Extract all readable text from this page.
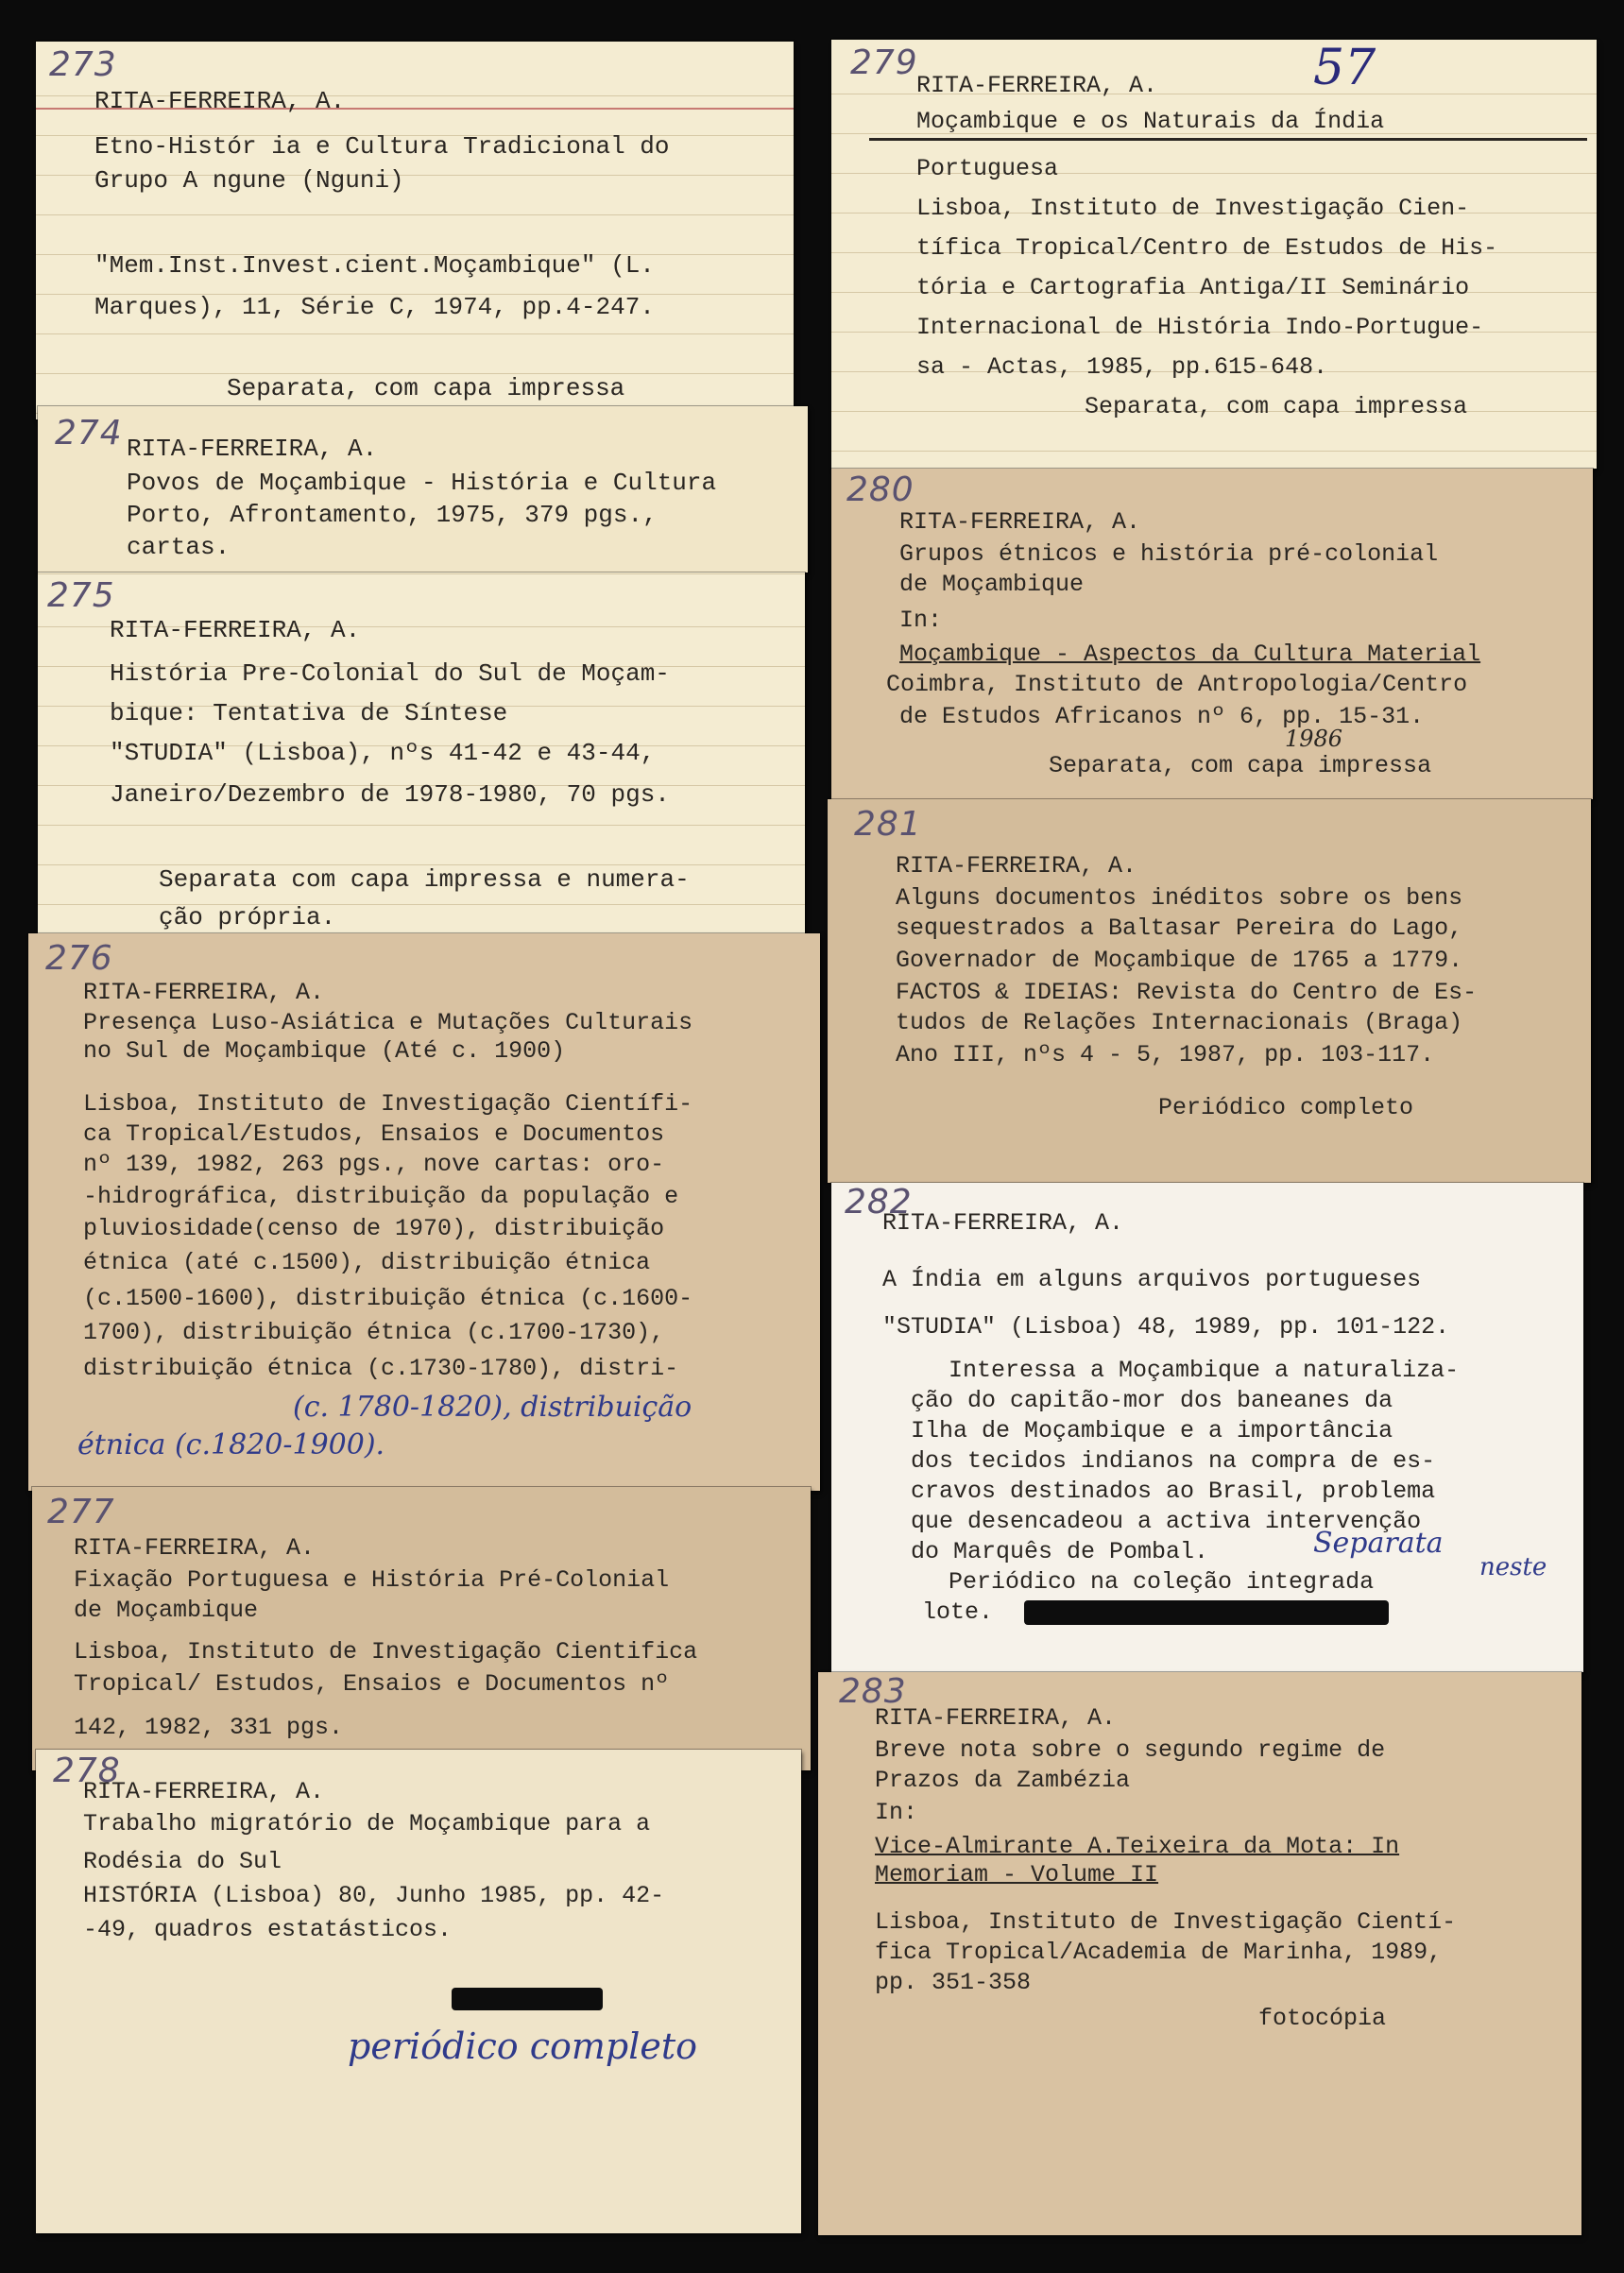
273
RITA-FERREIRA, A.
Etno-Histór ia e Cultura Tradicional do
Grupo A ngune (Nguni)
"Mem.Inst.Invest.cient.Moçambique" (L.
Marques), 11, Série C, 1974, pp.4-247.
Separata, com capa impressa
274 RITA-FERREIRA, A.
Povos de Moçambique - História e Cultura
Porto, Afrontamento, 1975, 379 pgs.,
cartas.
275
RITA-FERREIRA, A.
História Pre-Colonial do Sul de Moçam-
bique: Tentativa de Síntese
"STUDIA" (Lisboa), nºs 41-42 e 43-44,
Janeiro/Dezembro de 1978-1980, 70 pgs.
Separata com capa impressa e numera-
ção própria.
276
RITA-FERREIRA, A.
Presença Luso-Asiática e Mutações Culturais
no Sul de Moçambique (Até c. 1900)
Lisboa, Instituto de Investigação Científi-
ca Tropical/Estudos, Ensaios e Documentos
nº 139, 1982, 263 pgs., nove cartas: oro-
-hidrográfica, distribuição da população e
pluviosidade(censo de 1970), distribuição
étnica (até c.1500), distribuição étnica
(c.1500-1600), distribuição étnica (c.1600-
1700), distribuição étnica (c.1700-1730),
distribuição étnica (c.1730-1780), distri-
(c. 1780-1820), distribuição
étnica (c.1820-1900).
277
RITA-FERREIRA, A.
Fixação Portuguesa e História Pré-Colonial
de Moçambique
Lisboa, Instituto de Investigação Cientifica
Tropical/ Estudos, Ensaios e Documentos nº
142, 1982, 331 pgs.
278
RITA-FERREIRA, A.
Trabalho migratório de Moçambique para a
Rodésia do Sul
HISTÓRIA (Lisboa) 80, Junho 1985, pp. 42-
-49, quadros estatásticos.
periódico completo
279	57
RITA-FERREIRA, A.
Moçambique e os Naturais da Índia
Portuguesa
Lisboa, Instituto de Investigação Cien-
tífica Tropical/Centro de Estudos de His-
tória e Cartografia Antiga/II Seminário
Internacional de História Indo-Portugue-
sa - Actas, 1985, pp.615-648.
Separata, com capa impressa
280
RITA-FERREIRA, A.
Grupos étnicos e história pré-colonial
de Moçambique
In:
Moçambique - Aspectos da Cultura Material
Coimbra, Instituto de Antropologia/Centro
de Estudos Africanos nº 6, pp. 15-31.
1986
Separata, com capa impressa
281
RITA-FERREIRA, A.
Alguns documentos inéditos sobre os bens
sequestrados a Baltasar Pereira do Lago,
Governador de Moçambique de 1765 a 1779.
FACTOS & IDEIAS: Revista do Centro de Es-
tudos de Relações Internacionais (Braga)
Ano III, nºs 4 - 5, 1987, pp. 103-117.
Periódico completo
282
RITA-FERREIRA, A.
A Índia em alguns arquivos portugueses
"STUDIA" (Lisboa) 48, 1989, pp. 101-122.
Interessa a Moçambique a naturaliza-
ção do capitão-mor dos baneanes da
Ilha de Moçambique e a importância
dos tecidos indianos na compra de es-
cravos destinados ao Brasil, problema
que desencadeou a activa intervenção
do Marquês de Pombal.	Separata
Periódico na coleção integrada
neste
lote.
283
RITA-FERREIRA, A.
Breve nota sobre o segundo regime de
Prazos da Zambézia
In:
Vice-Almirante A.Teixeira da Mota: In
Memoriam - Volume II
Lisboa, Instituto de Investigação Cientí-
fica Tropical/Academia de Marinha, 1989,
pp. 351-358
fotocópia
